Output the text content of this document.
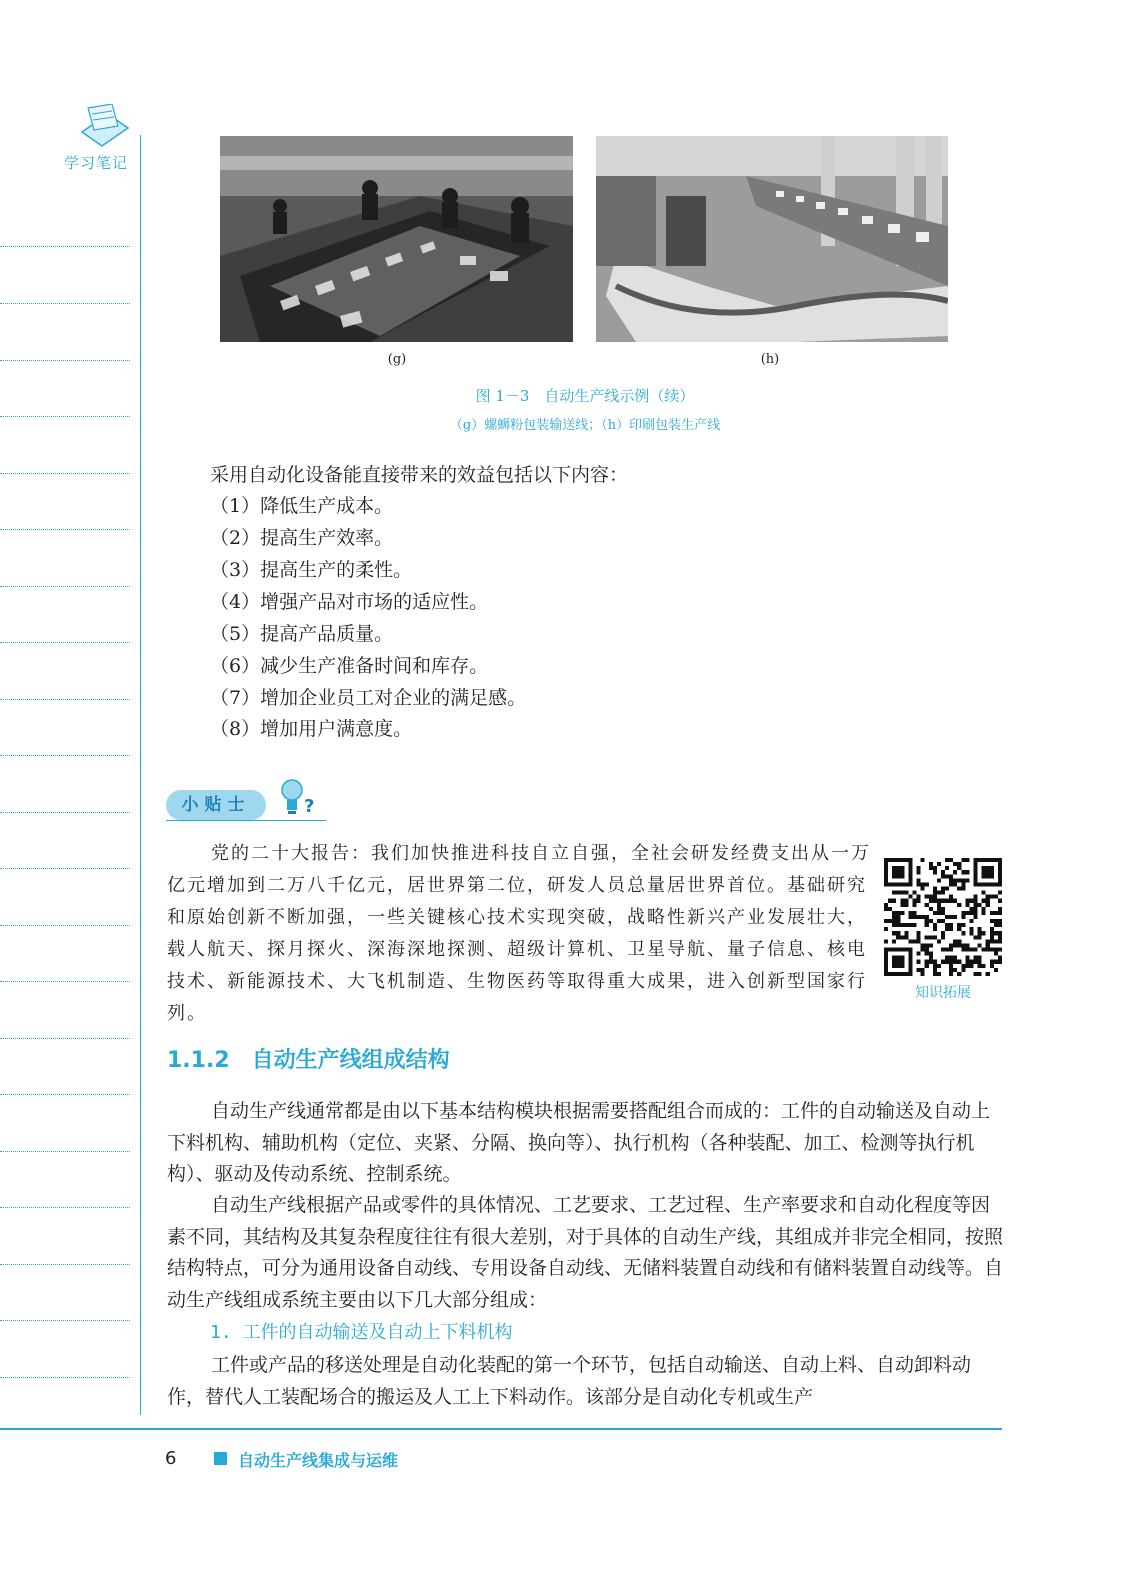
学习笔记
(g)	(h)
图 1－3　自动生产线示例（续）
（g）螺蛳粉包装输送线；（h）印刷包装生产线
采用自动化设备能直接带来的效益包括以下内容：
（1）降低生产成本。
（2）提高生产效率。
（3）提高生产的柔性。
（4）增强产品对市场的适应性。
（5）提高产品质量。
（6）减少生产准备时间和库存。
（7）增加企业员工对企业的满足感。
（8）增加用户满意度。
小贴士	?

党的二十大报告：我们加快推进科技自立自强，全社会研发经费支出从一万亿元增加到二万八千亿元，居世界第二位，研发人员总量居世界首位。基础研究和原始创新不断加强，一些关键核心技术实现突破，战略性新兴产业发展壮大，载人航天、探月探火、深海深地探测、超级计算机、卫星导航、量子信息、核电技术、新能源技术、大飞机制造、生物医药等取得重大成果，进入创新型国家行列。

知识拓展
1.1.2 自动生产线组成结构

自动生产线通常都是由以下基本结构模块根据需要搭配组合而成的：工件的自动输送及自动上下料机构、辅助机构（定位、夹紧、分隔、换向等）、执行机构（各种装配、加工、检测等执行机构）、驱动及传动系统、控制系统。

自动生产线根据产品或零件的具体情况、工艺要求、工艺过程、生产率要求和自动化程度等因素不同，其结构及其复杂程度往往有很大差别，对于具体的自动生产线，其组成并非完全相同，按照结构特点，可分为通用设备自动线、专用设备自动线、无储料装置自动线和有储料装置自动线等。自动生产线组成系统主要由以下几大部分组成：

1. 工件的自动输送及自动上下料机构

工件或产品的移送处理是自动化装配的第一个环节，包括自动输送、自动上料、自动卸料动作，替代人工装配场合的搬运及人工上下料动作。该部分是自动化专机或生产

6	自动生产线集成与运维
